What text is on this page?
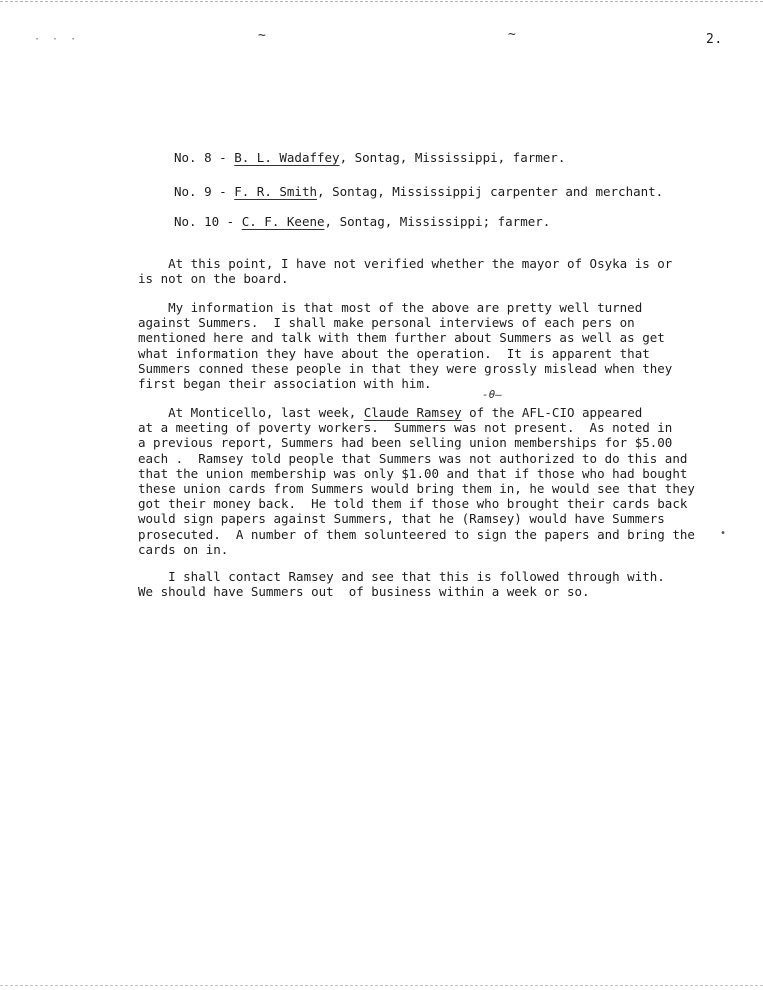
· · ·	∼	∼	2.
No. 8 - B. L. Wadaffey, Sontag, Mississippi, farmer.
No. 9 - F. R. Smith, Sontag, Mississippij carpenter and merchant.
No. 10 - C. F. Keene, Sontag, Mississippi; farmer.
At this point, I have not verified whether the mayor of Osyka is or
is not on the board.
My information is that most of the above are pretty well turned
against Summers.  I shall make personal interviews of each pers on
mentioned here and talk with them further about Summers as well as get
what information they have about the operation.  It is apparent that
Summers conned these people in that they were grossly mislead when they
first began their association with him.
-θ—
At Monticello, last week, Claude Ramsey of the AFL-CIO appeared
at a meeting of poverty workers.  Summers was not present.  As noted in
a previous report, Summers had been selling union memberships for $5.00
each .  Ramsey told people that Summers was not authorized to do this and
that the union membership was only $1.00 and that if those who had bought
these union cards from Summers would bring them in, he would see that they
got their money back.  He told them if those who brought their cards back
would sign papers against Summers, that he (Ramsey) would have Summers
prosecuted.  A number of them solunteered to sign the papers and bring the
cards on in.
•
I shall contact Ramsey and see that this is followed through with.
We should have Summers out  of business within a week or so.
